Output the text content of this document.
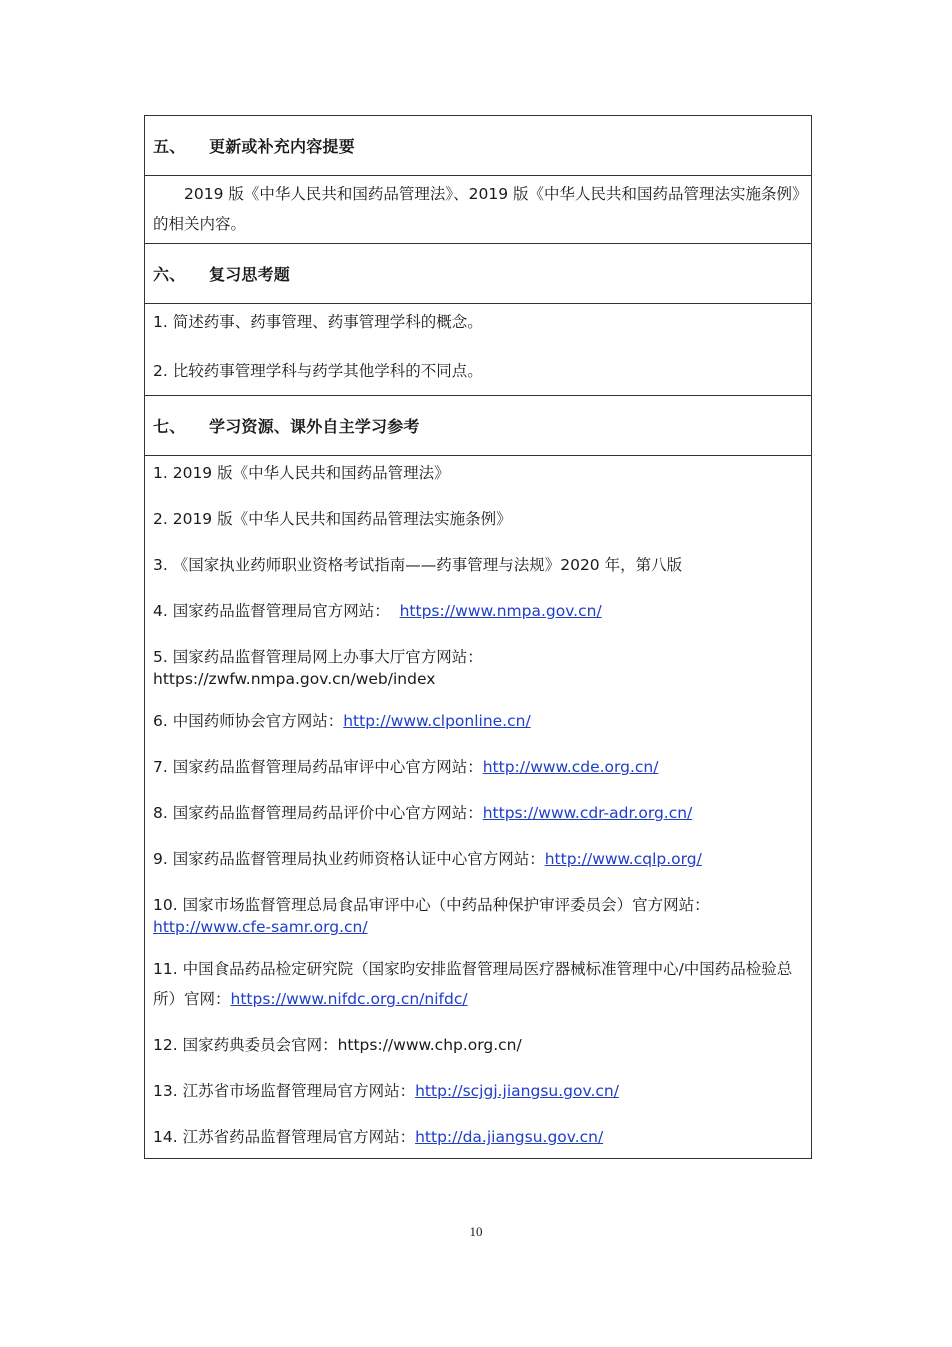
五、	更新或补充内容提要
2019 版《中华人民共和国药品管理法》、2019 版《中华人民共和国药品管理法实施条例》的相关内容。
六、	复习思考题
1. 简述药事、药事管理、药事管理学科的概念。
2. 比较药事管理学科与药学其他学科的不同点。
七、	学习资源、课外自主学习参考
1. 2019 版《中华人民共和国药品管理法》
2. 2019 版《中华人民共和国药品管理法实施条例》
3. 《国家执业药师职业资格考试指南——药事管理与法规》2020 年，第八版
4. 国家药品监督管理局官方网站： https://www.nmpa.gov.cn/
5. 国家药品监督管理局网上办事大厅官方网站：
https://zwfw.nmpa.gov.cn/web/index
6. 中国药师协会官方网站：http://www.clponline.cn/
7. 国家药品监督管理局药品审评中心官方网站：http://www.cde.org.cn/
8. 国家药品监督管理局药品评价中心官方网站：https://www.cdr-adr.org.cn/
9. 国家药品监督管理局执业药师资格认证中心官方网站：http://www.cqlp.org/
10. 国家市场监督管理总局食品审评中心（中药品种保护审评委员会）官方网站：
http://www.cfe-samr.org.cn/
11. 中国食品药品检定研究院（国家昀安排监督管理局医疗器械标准管理中心/中国药品检验总所）官网：https://www.nifdc.org.cn/nifdc/
12. 国家药典委员会官网：https://www.chp.org.cn/
13. 江苏省市场监督管理局官方网站：http://scjgj.jiangsu.gov.cn/
14. 江苏省药品监督管理局官方网站：http://da.jiangsu.gov.cn/
10
